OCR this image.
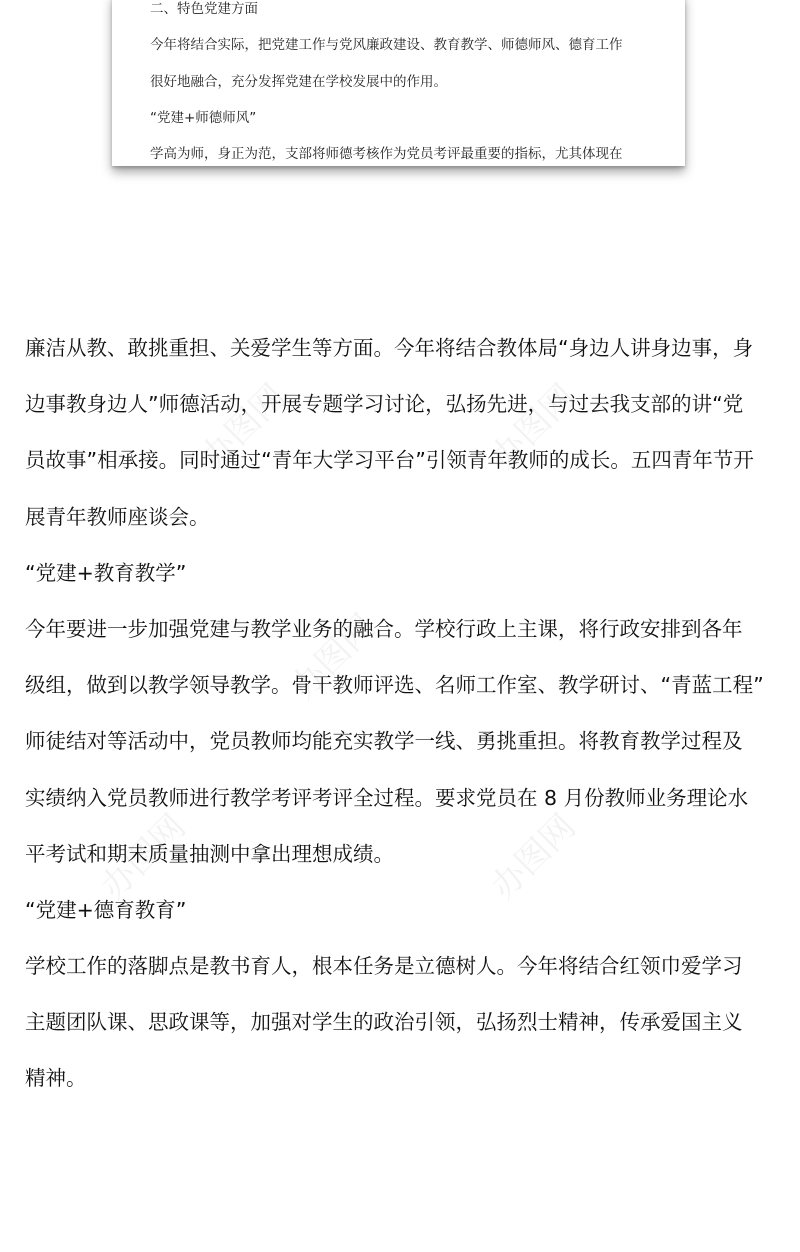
二、特色党建方面
今年将结合实际，把党建工作与党风廉政建设、教育教学、师德师风、德育工作
很好地融合，充分发挥党建在学校发展中的作用。
“党建+师德师风”
学高为师，身正为范，支部将师德考核作为党员考评最重要的指标，尤其体现在
办图网	办图网
办图网
办图网	办图网
廉洁从教、敢挑重担、关爱学生等方面。今年将结合教体局“身边人讲身边事，身
边事教身边人”师德活动，开展专题学习讨论，弘扬先进，与过去我支部的讲“党
员故事”相承接。同时通过“青年大学习平台”引领青年教师的成长。五四青年节开
展青年教师座谈会。
“党建+教育教学”
今年要进一步加强党建与教学业务的融合。学校行政上主课，将行政安排到各年
级组，做到以教学领导教学。骨干教师评选、名师工作室、教学研讨、“青蓝工程”
师徒结对等活动中，党员教师均能充实教学一线、勇挑重担。将教育教学过程及
实绩纳入党员教师进行教学考评考评全过程。要求党员在 8 月份教师业务理论水
平考试和期末质量抽测中拿出理想成绩。
“党建+德育教育”
学校工作的落脚点是教书育人，根本任务是立德树人。今年将结合红领巾爱学习
主题团队课、思政课等，加强对学生的政治引领，弘扬烈士精神，传承爱国主义
精神。
